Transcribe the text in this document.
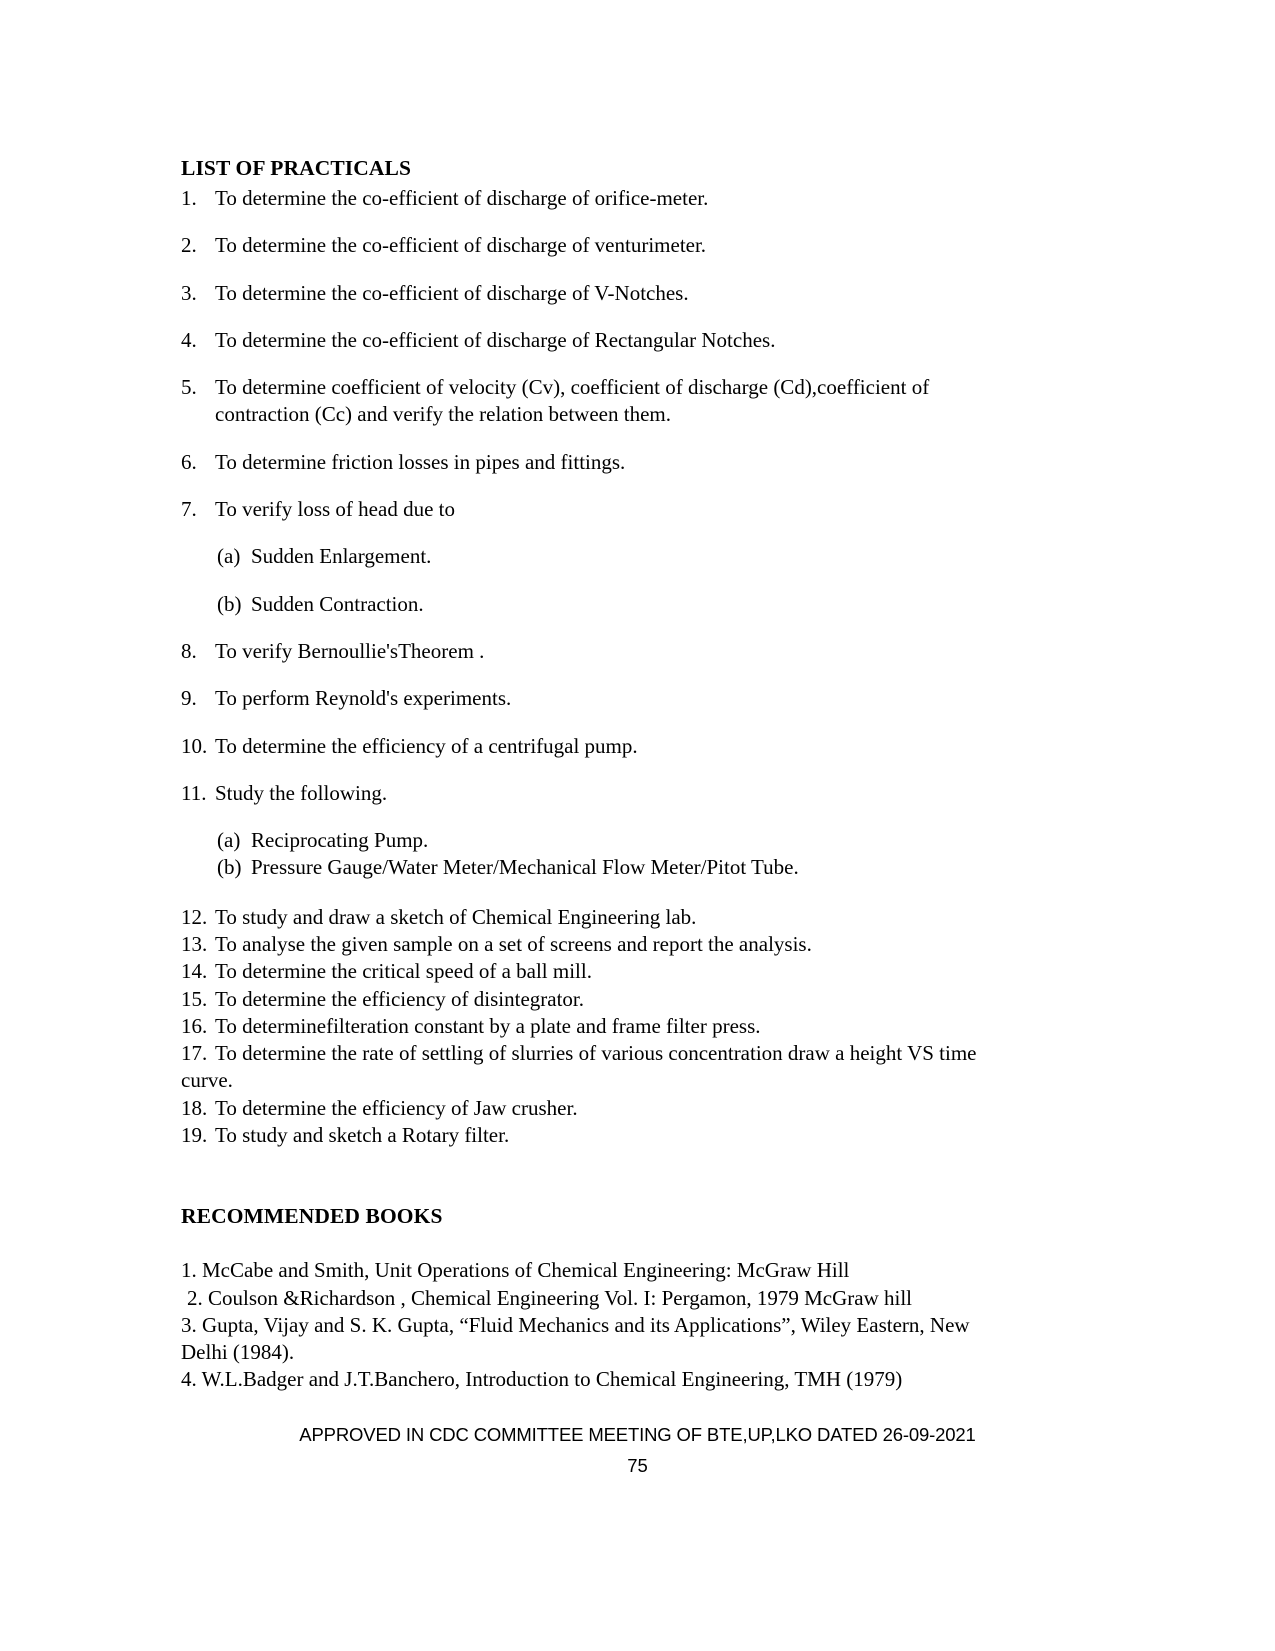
LIST OF PRACTICALS
1. To determine the co-efficient of discharge of orifice-meter.
2. To determine the co-efficient of discharge of venturimeter.
3. To determine the co-efficient of discharge of V-Notches.
4. To determine the co-efficient of discharge of Rectangular Notches.
5. To determine coefficient of velocity (Cv), coefficient of discharge (Cd),coefficient of contraction (Cc) and verify the relation between them.
6. To determine friction losses in pipes and fittings.
7. To verify loss of head due to
(a) Sudden Enlargement.
(b) Sudden Contraction.
8. To verify Bernoullie'sTheorem .
9. To perform Reynold's experiments.
10. To determine the efficiency of a centrifugal pump.
11. Study the following.
(a) Reciprocating Pump.
(b) Pressure Gauge/Water Meter/Mechanical Flow Meter/Pitot Tube.
12. To study and draw a sketch of Chemical Engineering lab.
13. To analyse the given sample on a set of screens and report the analysis.
14. To determine the critical speed of a ball mill.
15. To determine the efficiency of disintegrator.
16. To determinefilteration constant by a plate and frame filter press.
17. To determine the rate of settling of slurries of various concentration draw a height VS time curve.
18. To determine the efficiency of Jaw crusher.
19. To study and sketch a Rotary filter.
RECOMMENDED BOOKS

1. McCabe and Smith, Unit Operations of Chemical Engineering: McGraw Hill

2. Coulson &Richardson , Chemical Engineering Vol. I: Pergamon, 1979 McGraw hill

3. Gupta, Vijay and S. K. Gupta, “Fluid Mechanics and its Applications”, Wiley Eastern, New Delhi (1984).

4. W.L.Badger and J.T.Banchero, Introduction to Chemical Engineering, TMH (1979)

APPROVED IN CDC COMMITTEE MEETING OF BTE,UP,LKO DATED 26-09-2021
75
